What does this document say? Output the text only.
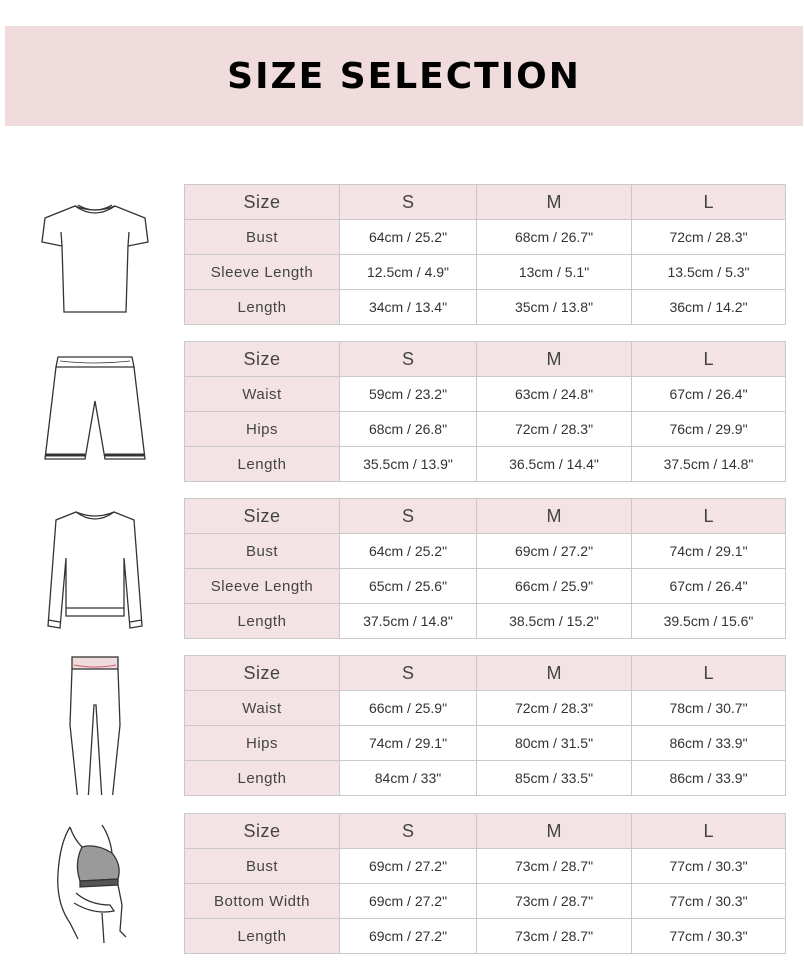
SIZE SELECTION
Size	S	M	L
Bust	64cm / 25.2"	68cm / 26.7"	72cm / 28.3"
Sleeve Length	12.5cm / 4.9"	13cm / 5.1"	13.5cm / 5.3"
Length	34cm / 13.4"	35cm / 13.8"	36cm / 14.2"
Size	S	M	L
Waist	59cm / 23.2"	63cm / 24.8"	67cm / 26.4"
Hips	68cm / 26.8"	72cm / 28.3"	76cm / 29.9"
Length	35.5cm / 13.9"	36.5cm / 14.4"	37.5cm / 14.8"
Size	S	M	L
Bust	64cm / 25.2"	69cm / 27.2"	74cm / 29.1"
Sleeve Length	65cm / 25.6"	66cm / 25.9"	67cm / 26.4"
Length	37.5cm / 14.8"	38.5cm / 15.2"	39.5cm / 15.6"
Size	S	M	L
Waist	66cm / 25.9"	72cm / 28.3"	78cm / 30.7"
Hips	74cm / 29.1"	80cm / 31.5"	86cm / 33.9"
Length	84cm / 33"	85cm / 33.5"	86cm / 33.9"
Size	S	M	L
Bust	69cm / 27.2"	73cm / 28.7"	77cm / 30.3"
Bottom Width	69cm / 27.2"	73cm / 28.7"	77cm / 30.3"
Length	69cm / 27.2"	73cm / 28.7"	77cm / 30.3"
